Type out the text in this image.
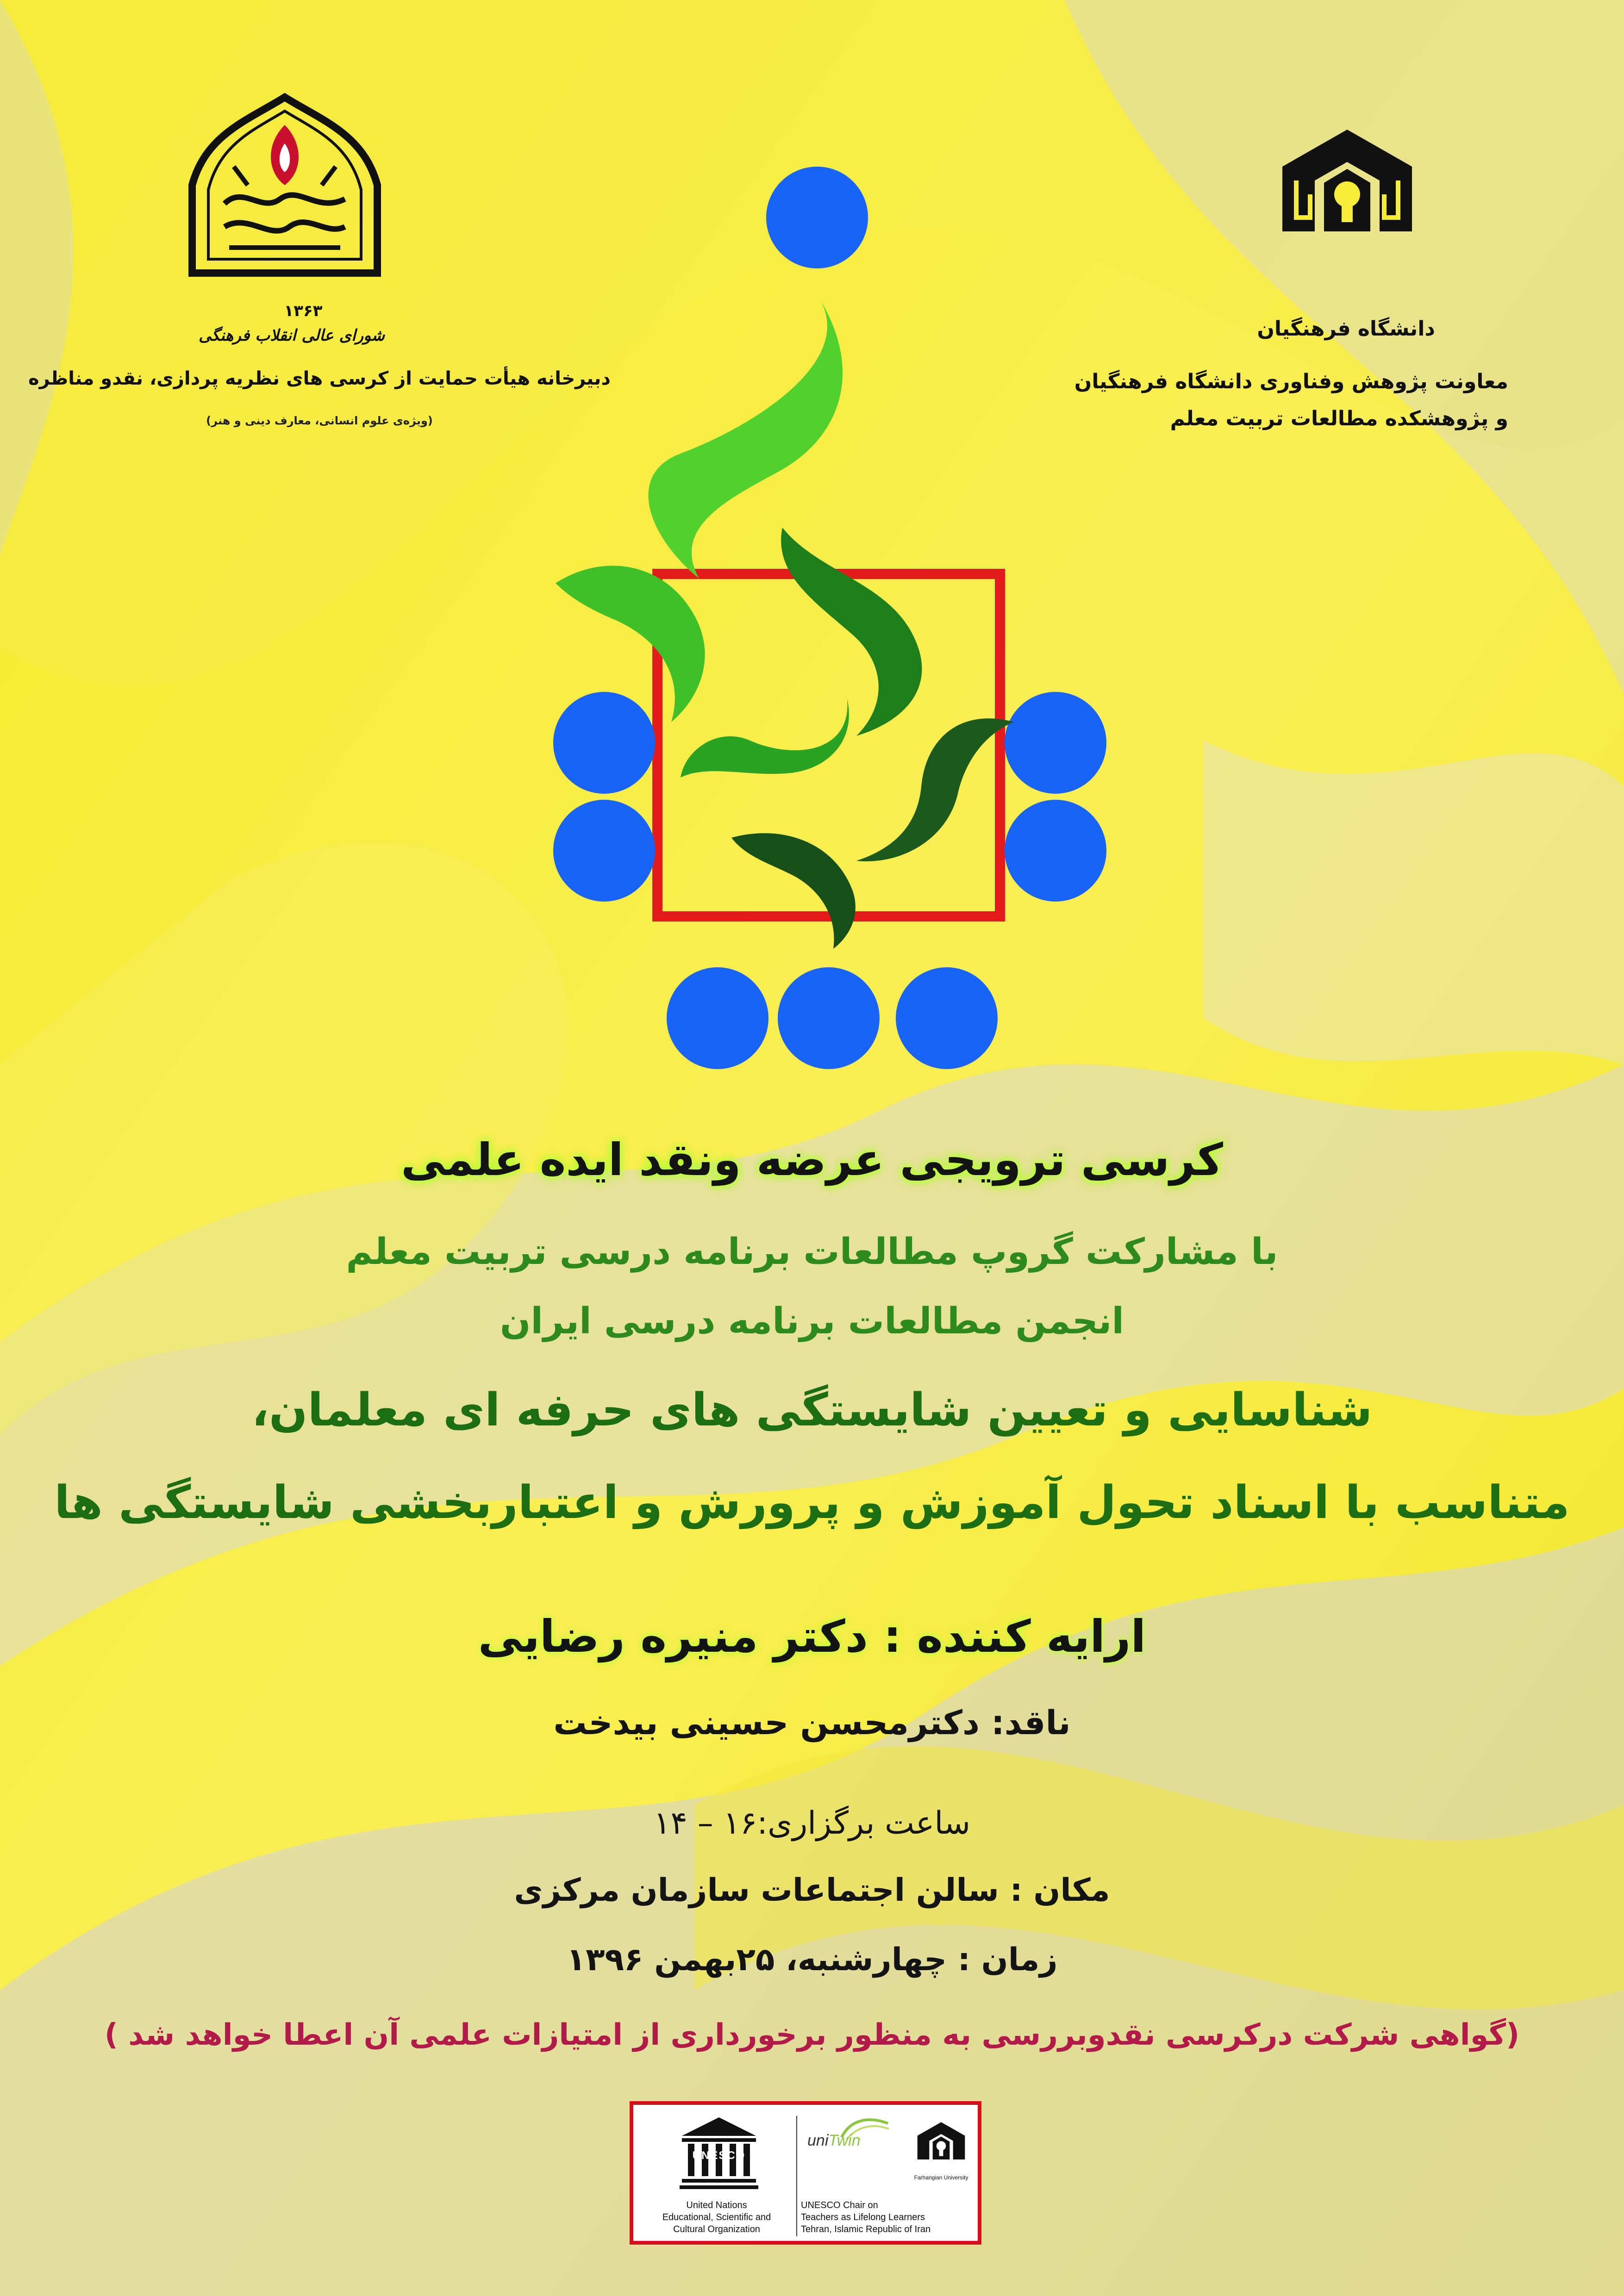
دانشگاه فرهنگیان
معاونت پژوهش وفناوری دانشگاه فرهنگیان
و پژوهشکده مطالعات تربیت معلم
۱۳۶۳
شورای عالی انقلاب فرهنگی
دبیرخانه هیأت حمایت از کرسی های نظریه پردازی، نقدو مناظره
(ویژه‌ی علوم انسانی، معارف دینی و هنر)
کرسی ترویجی عرضه ونقد ایده علمی
با مشارکت گروپ مطالعات برنامه درسی تربیت معلم
انجمن مطالعات برنامه درسی ایران
شناسایی و تعیین شایستگی های حرفه ای معلمان،
متناسب با اسناد تحول آموزش و پرورش و اعتباربخشی شایستگی ها
ارایه کننده : دکتر منیره رضایی
ناقد: دکترمحسن حسینی بیدخت
ساعت برگزاری:۱۶ – ۱۴
مکان : سالن اجتماعات سازمان مرکزی
زمان : چهارشنبه، ۲۵بهمن ۱۳۹۶
(گواهی شرکت درکرسی نقدوبررسی به منظور برخورداری از امتیازات علمی آن اعطا خواهد شد )
UNESCO
United Nations
Educational, Scientific and
Cultural Organization
uniTwin
UNESCO Chair on
Teachers as Lifelong Learners
Tehran, Islamic Republic of Iran
Farhangian University
